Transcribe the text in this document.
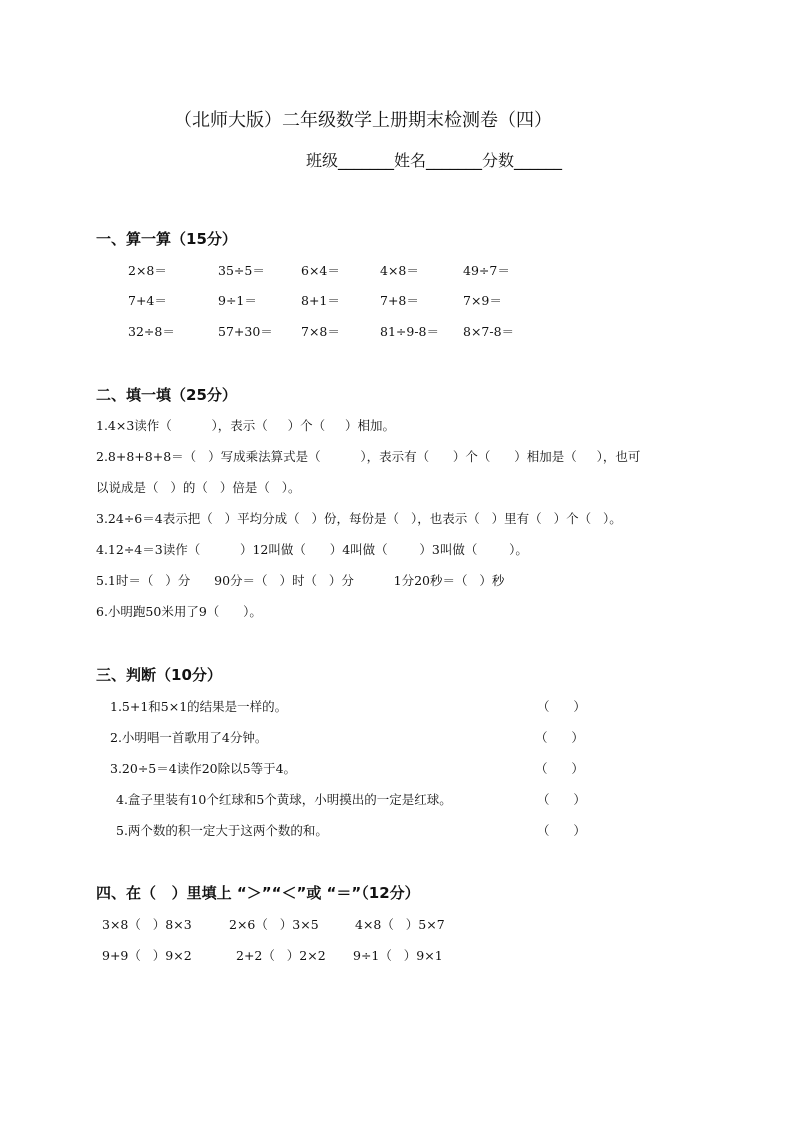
（北师大版）二年级数学上册期末检测卷（四）
班级_______姓名_______分数______
一、算一算（15分）
2×8＝	35÷5＝	6×4＝	4×8＝	49÷7＝
7+4＝	9÷1＝	8+1＝	7+8＝	7×9＝
32÷8＝	57+30＝ 7×8＝	81÷9-8＝ 8×7-8＝
二、填一填（25分）
1.4×3读作（          ），表示（     ）个（     ）相加。
2.8+8+8+8＝（   ）写成乘法算式是（          ），表示有（      ）个（      ）相加是（     ），也可
以说成是（   ）的（   ）倍是（   ）。
3.24÷6＝4表示把（   ）平均分成（   ）份，每份是（   ），也表示（   ）里有（   ）个（   ）。
4.12÷4＝3读作（          ）12叫做（      ）4叫做（        ）3叫做（        ）。
5.1时＝（   ）分      90分＝（   ）时（   ）分          1分20秒＝（   ）秒
6.小明跑50米用了9（      ）。
三、判断（10分）
1.5+1和5×1的结果是一样的。	（      ）
2.小明唱一首歌用了4分钟。	（      ）
3.20÷5＝4读作20除以5等于4。	（      ）
4.盒子里装有10个红球和5个黄球，小明摸出的一定是红球。	（      ）
5.两个数的积一定大于这两个数的和。	（      ）
四、在（   ）里填上 “＞”“＜”或 “＝”（12分）
3×8（   ）8×3	2×6（   ）3×5	4×8（   ）5×7
9+9（   ）9×2	2+2（   ）2×2 9÷1（   ）9×1
